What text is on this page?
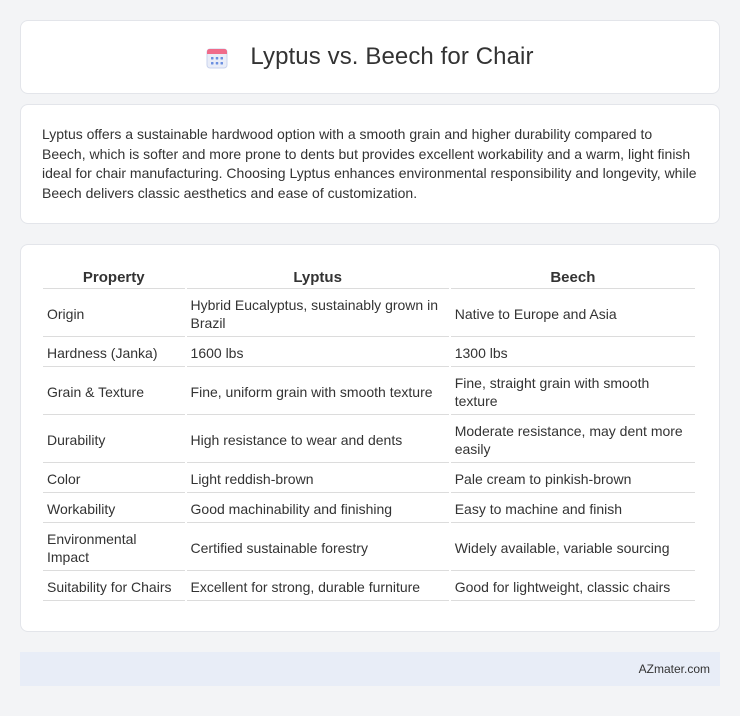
Lyptus vs. Beech for Chair

Lyptus offers a sustainable hardwood option with a smooth grain and higher durability compared to Beech, which is softer and more prone to dents but provides excellent workability and a warm, light finish ideal for chair manufacturing. Choosing Lyptus enhances environmental responsibility and longevity, while Beech delivers classic aesthetics and ease of customization.

Property	Lyptus	Beech
Origin	Hybrid Eucalyptus, sustainably grown in Brazil	Native to Europe and Asia
Hardness (Janka)	1600 lbs	1300 lbs
Grain & Texture	Fine, uniform grain with smooth texture	Fine, straight grain with smooth texture
Durability	High resistance to wear and dents	Moderate resistance, may dent more easily
Color	Light reddish-brown	Pale cream to pinkish-brown
Workability	Good machinability and finishing	Easy to machine and finish
Environmental Impact	Certified sustainable forestry	Widely available, variable sourcing
Suitability for Chairs	Excellent for strong, durable furniture	Good for lightweight, classic chairs
AZmater.com
